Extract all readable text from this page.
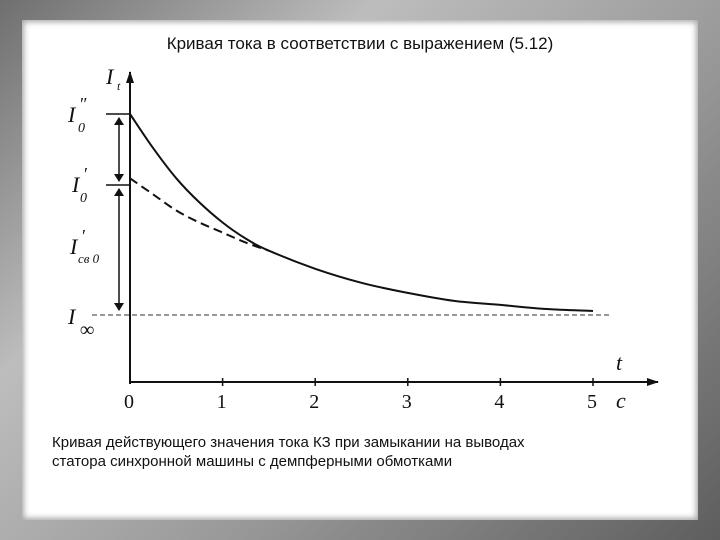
Кривая тока в соответствии с выражением (5.12)
I t
t
с
I ″
0
I ′
0
I ′
св 0
I
∞
0	1	2	3	4	5
Кривая действующего значения тока КЗ при замыкании на выводах
статора синхронной машины с демпферными обмотками
